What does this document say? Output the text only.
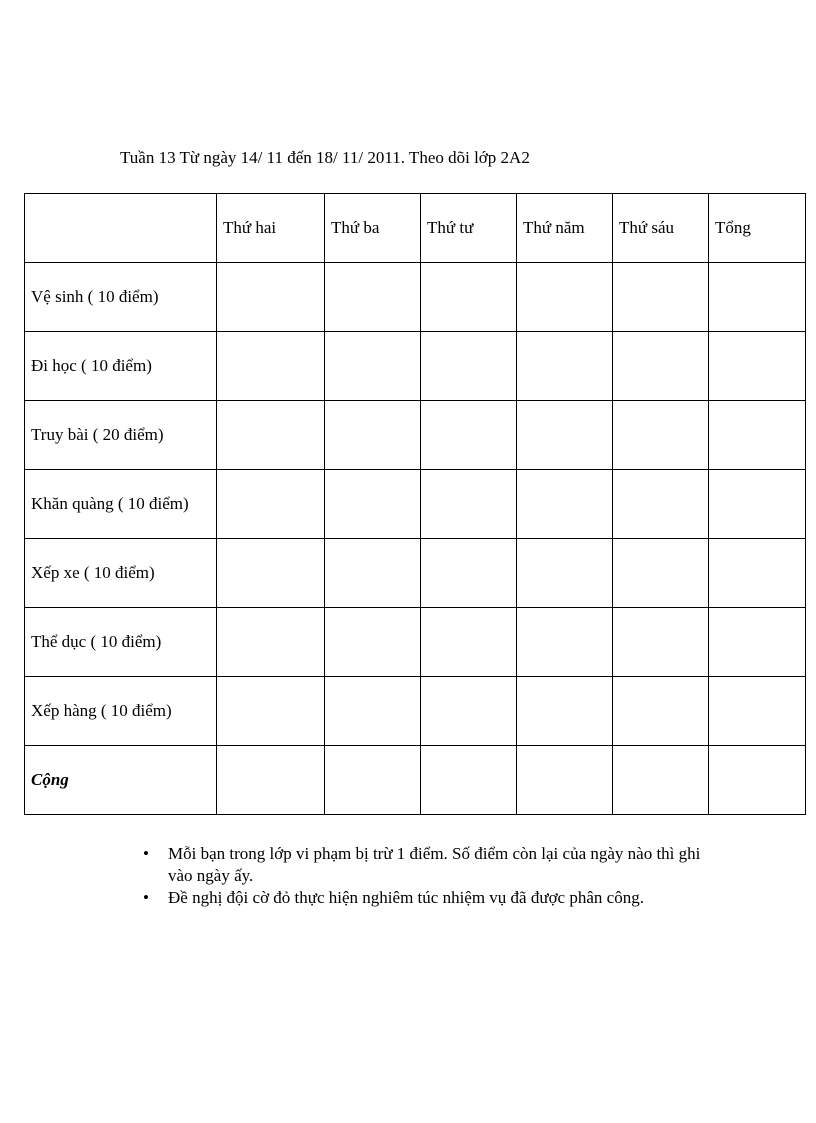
Tuần 13 Từ ngày 14/ 11 đến 18/ 11/ 2011. Theo dõi lớp 2A2
	Thứ hai	Thứ ba	Thứ tư	Thứ năm	Thứ sáu	Tổng
Vệ sinh ( 10 điểm)						
Đi học ( 10 điểm)						
Truy bài ( 20 điểm)						
Khăn quàng ( 10 điểm)						
Xếp xe ( 10 điểm)						
Thể dục ( 10 điểm)						
Xếp hàng ( 10 điểm)						
Cộng						
• Mỗi bạn trong lớp vi phạm bị trừ 1 điểm. Số điểm còn lại của ngày nào thì ghi vào ngày ấy.
• Đề nghị đội cờ đỏ thực hiện nghiêm túc nhiệm vụ đã được phân công.
